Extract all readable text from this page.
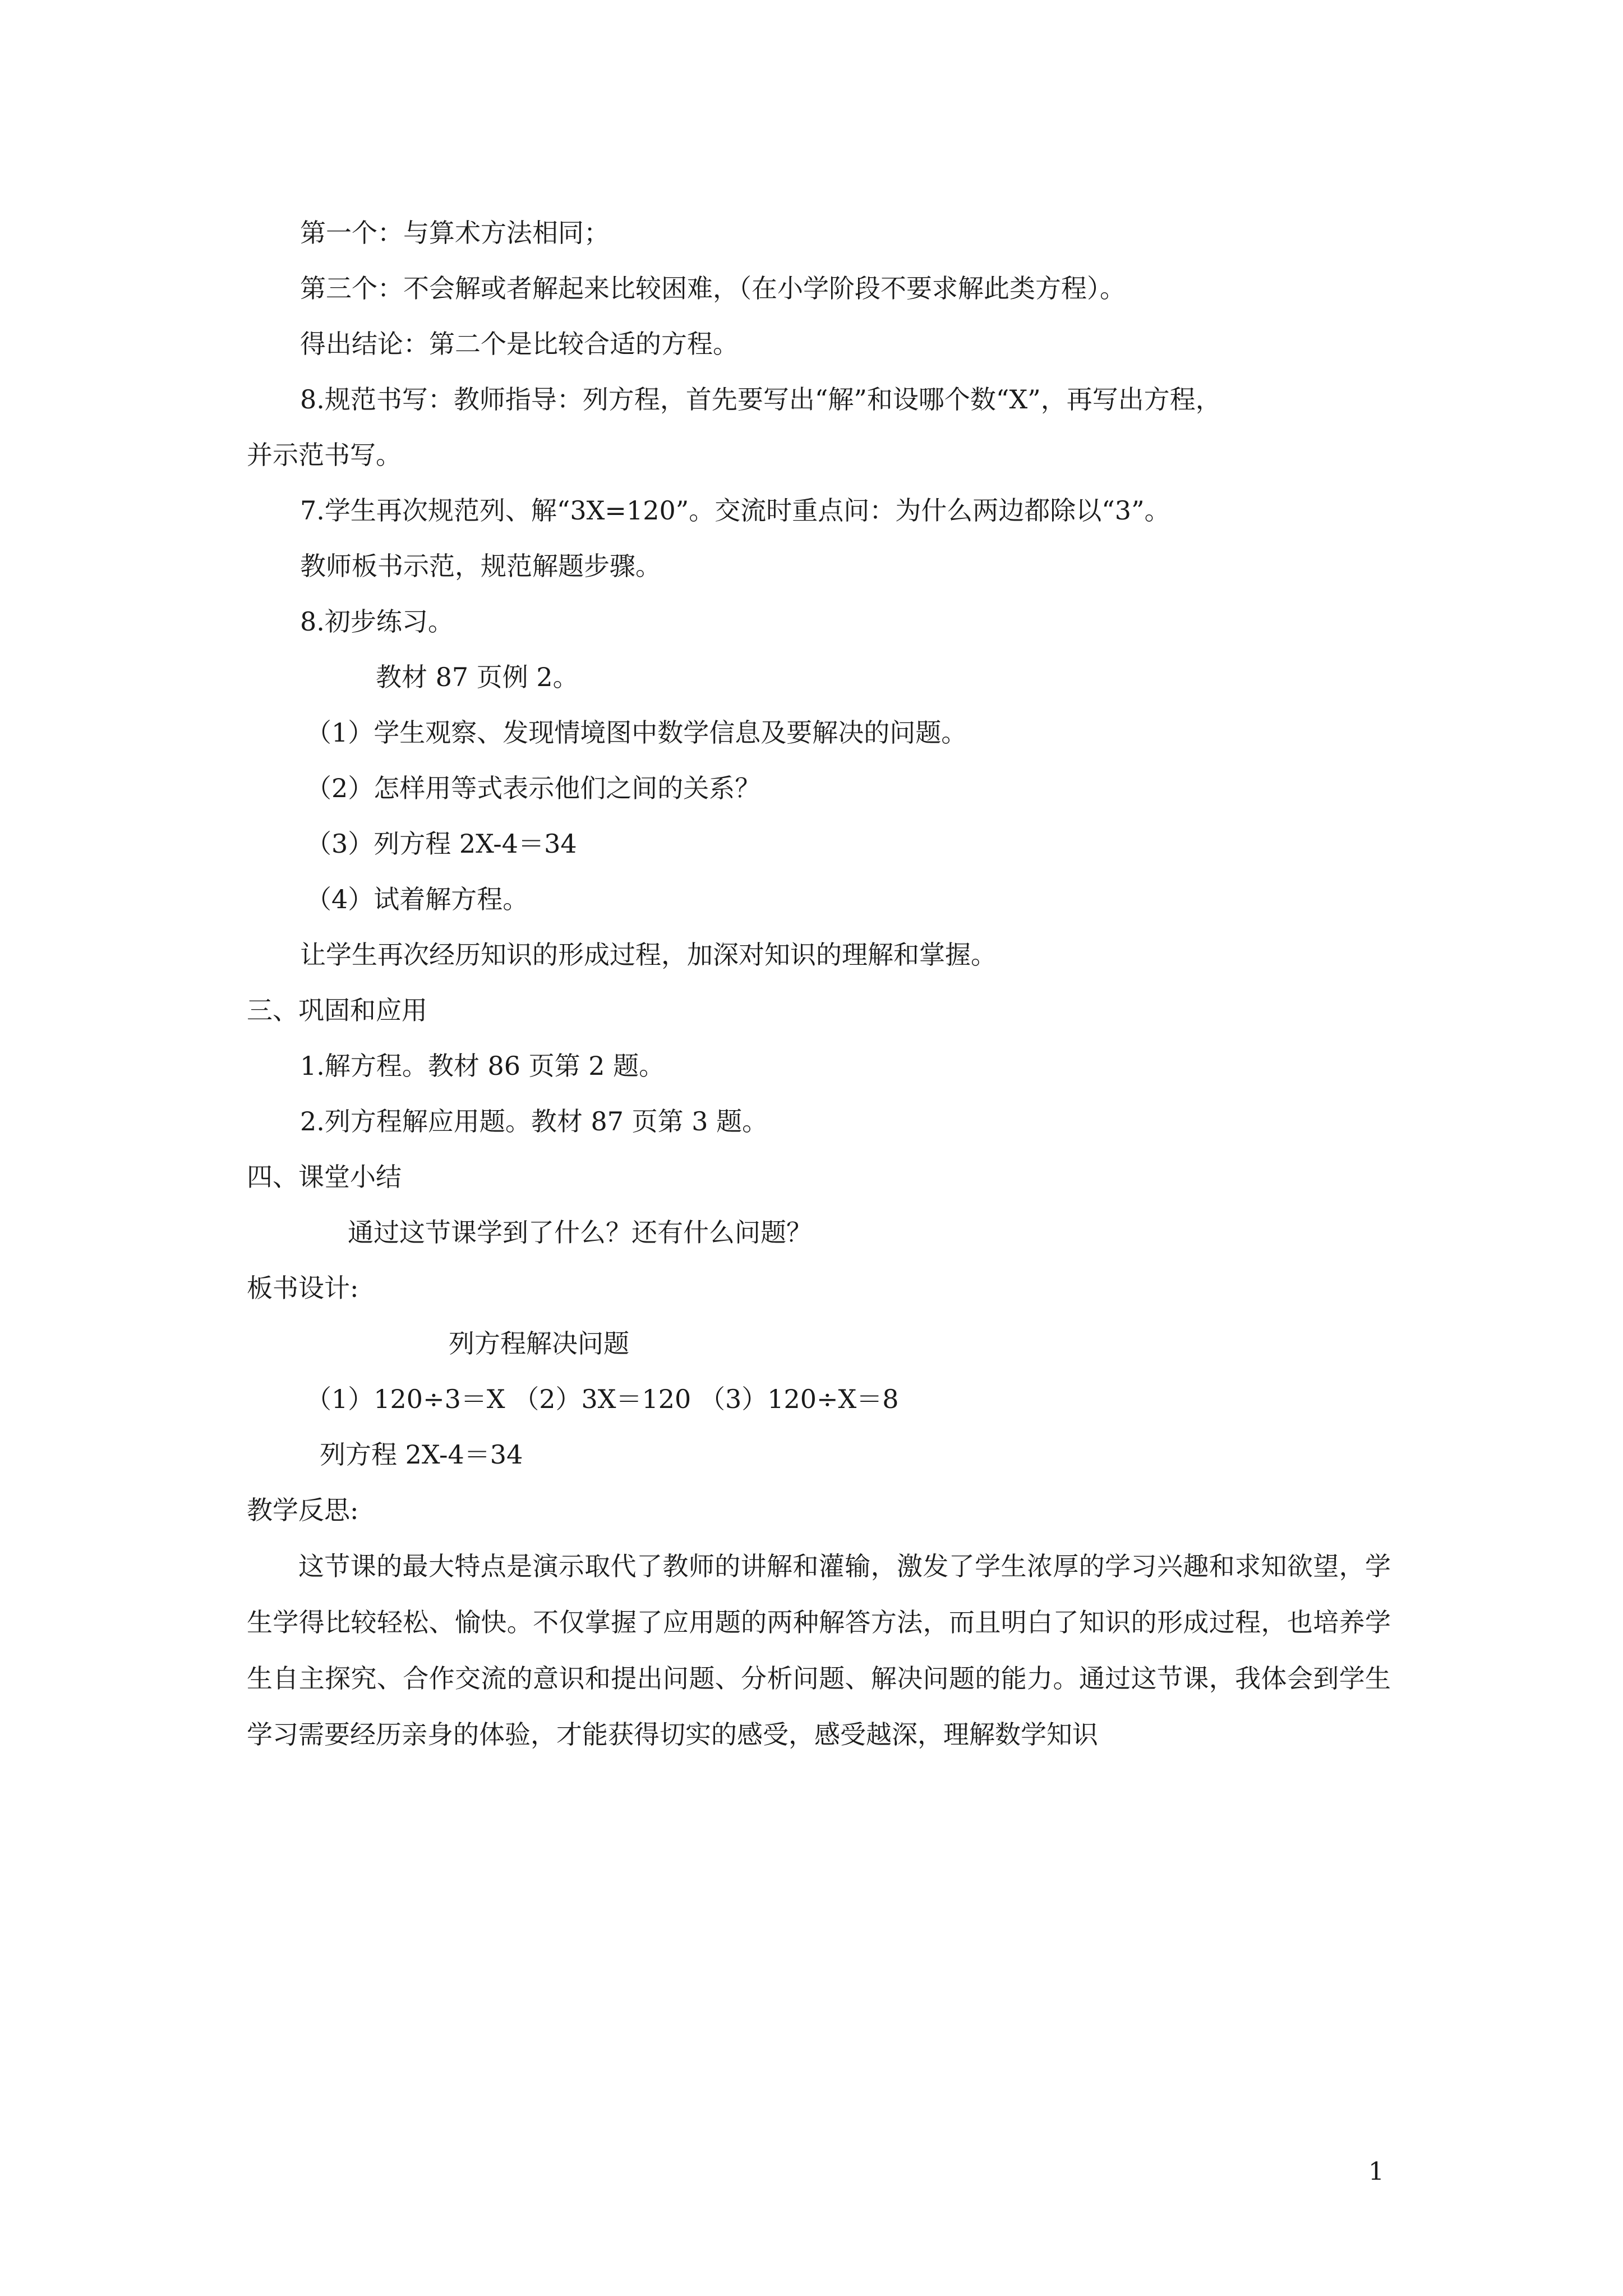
第一个：与算术方法相同；
第三个：不会解或者解起来比较困难，（在小学阶段不要求解此类方程）。
得出结论：第二个是比较合适的方程。
8.规范书写：教师指导：列方程，首先要写出“解”和设哪个数“X”，再写出方程，
并示范书写。
7.学生再次规范列、解“3X=120”。交流时重点问：为什么两边都除以“3”。
教师板书示范，规范解题步骤。
8.初步练习。
教材 87 页例 2。
（1）学生观察、发现情境图中数学信息及要解决的问题。
（2）怎样用等式表示他们之间的关系？
（3）列方程 2X-4＝34
（4）试着解方程。
让学生再次经历知识的形成过程，加深对知识的理解和掌握。
三、巩固和应用
1.解方程。教材 86 页第 2 题。
2.列方程解应用题。教材 87 页第 3 题。
四、课堂小结
通过这节课学到了什么？还有什么问题？
板书设计:
列方程解决问题
（1）120÷3＝X （2）3X＝120 （3）120÷X＝8
列方程 2X-4＝34
教学反思:
这节课的最大特点是演示取代了教师的讲解和灌输，激发了学生浓厚的学习兴趣和求知欲望，学生学得比较轻松、愉快。不仅掌握了应用题的两种解答方法，而且明白了知识的形成过程，也培养学生自主探究、合作交流的意识和提出问题、分析问题、解决问题的能力。通过这节课，我体会到学生学习需要经历亲身的体验，才能获得切实的感受，感受越深，理解数学知识
1
